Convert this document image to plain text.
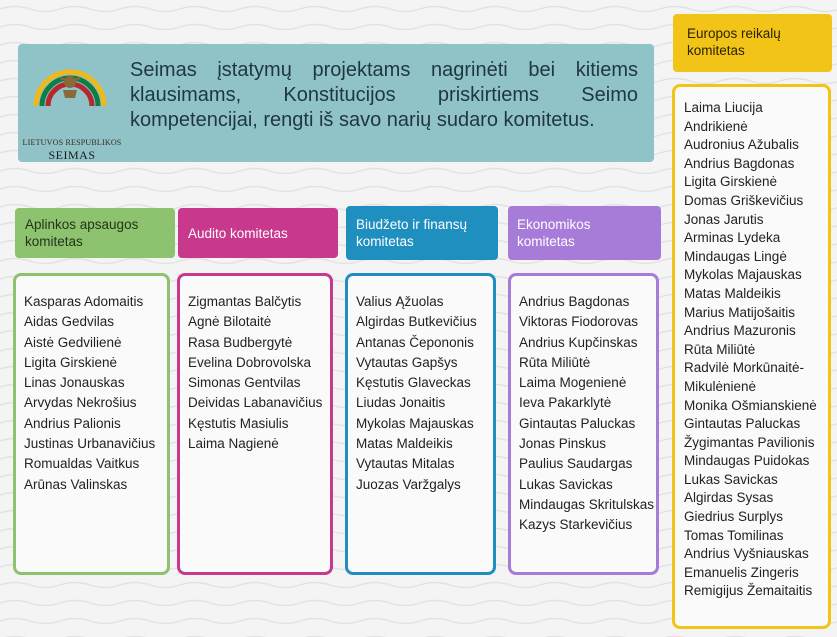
LIETUVOS RESPUBLIKOS
SEIMAS
Seimas įstatymų projektams nagrinėti bei kitiems klausimams, Konstitucijos priskirtiems Seimo kompetencijai, rengti iš savo narių sudaro komitetus.
Aplinkos apsaugos komitetas
Kasparas Adomaitis
Aidas Gedvilas
Aistė Gedvilienė
Ligita Girskienė
Linas Jonauskas
Arvydas Nekrošius
Andrius Palionis
Justinas Urbanavičius
Romualdas Vaitkus
Arūnas Valinskas
Audito komitetas
Zigmantas Balčytis
Agnė Bilotaitė
Rasa Budbergytė
Evelina Dobrovolska
Simonas Gentvilas
Deividas Labanavičius
Kęstutis Masiulis
Laima Nagienė
Biudžeto ir finansų komitetas
Valius Ąžuolas
Algirdas Butkevičius
Antanas Čepononis
Vytautas Gapšys
Kęstutis Glaveckas
Liudas Jonaitis
Mykolas Majauskas
Matas Maldeikis
Vytautas Mitalas
Juozas Varžgalys
Ekonomikos komitetas
Andrius Bagdonas
Viktoras Fiodorovas
Andrius Kupčinskas
Rūta Miliūtė
Laima Mogenienė
Ieva Pakarklytė
Gintautas Paluckas
Jonas Pinskus
Paulius Saudargas
Lukas Savickas
Mindaugas Skritulskas
Kazys Starkevičius
Europos reikalų komitetas
Laima Liucija
Andrikienė
Audronius Ažubalis
Andrius Bagdonas
Ligita Girskienė
Domas Griškevičius
Jonas Jarutis
Arminas Lydeka
Mindaugas Lingė
Mykolas Majauskas
Matas Maldeikis
Marius Matijošaitis
Andrius Mazuronis
Rūta Miliūtė
Radvilė Morkūnaitė-
Mikulėnienė
Monika Ošmianskienė
Gintautas Paluckas
Žygimantas Pavilionis
Mindaugas Puidokas
Lukas Savickas
Algirdas Sysas
Giedrius Surplys
Tomas Tomilinas
Andrius Vyšniauskas
Emanuelis Zingeris
Remigijus Žemaitaitis
